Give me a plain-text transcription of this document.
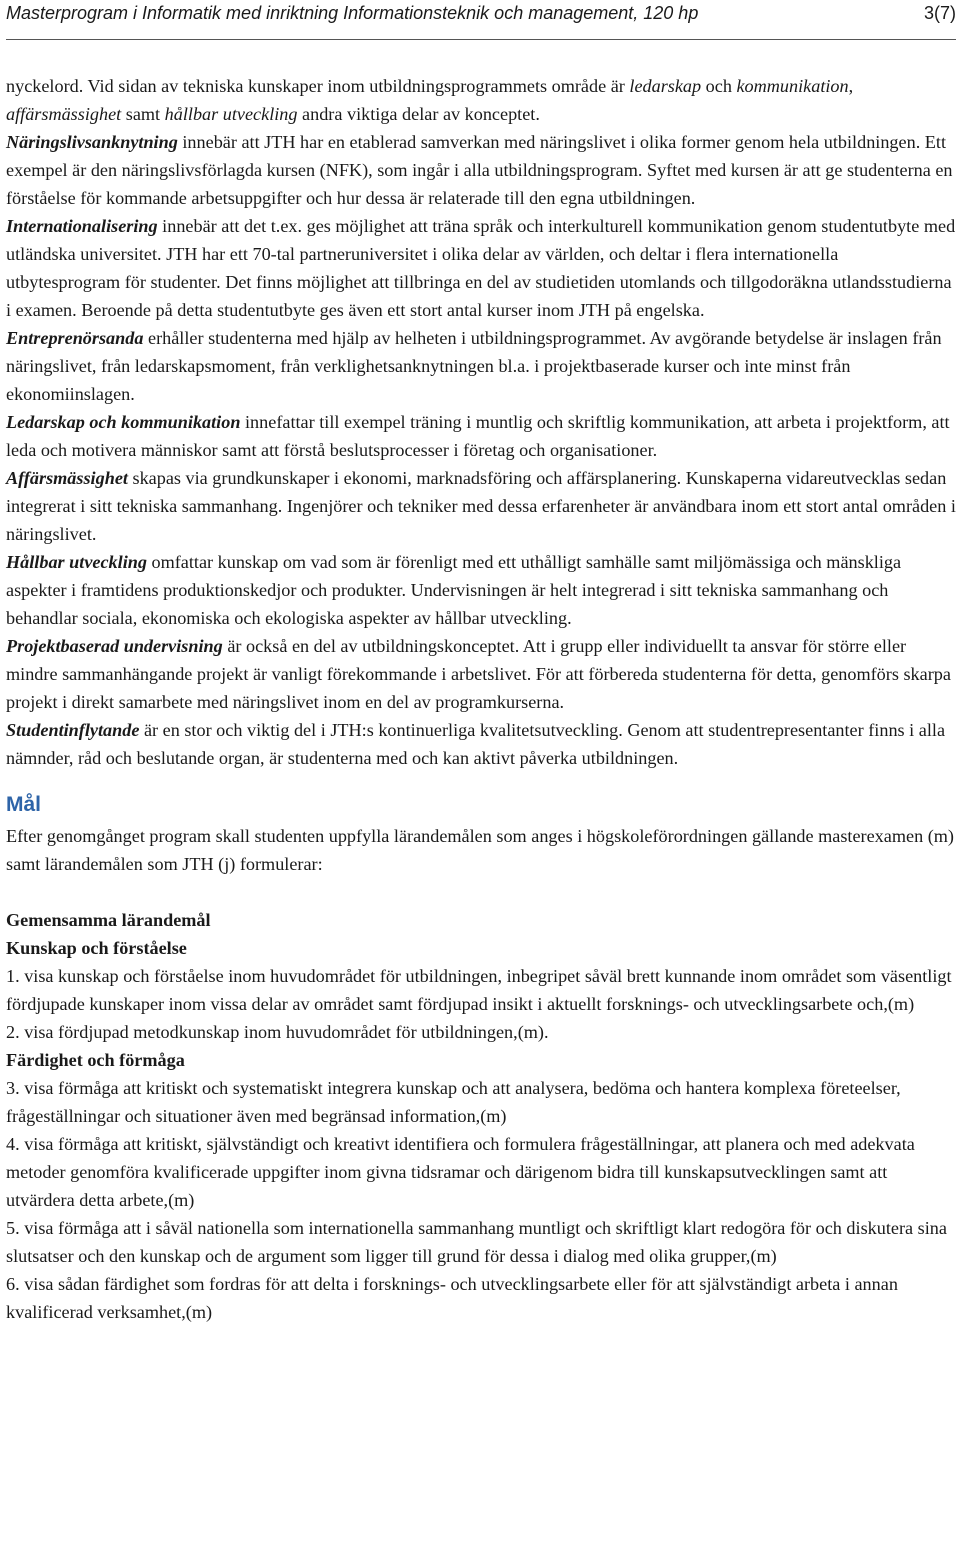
Masterprogram i Informatik med inriktning Informationsteknik och management, 120 hp	3(7)

nyckelord. Vid sidan av tekniska kunskaper inom utbildningsprogrammets område är ledarskap och kommunikation, affärsmässighet samt hållbar utveckling andra viktiga delar av konceptet.

Näringslivsanknytning innebär att JTH har en etablerad samverkan med näringslivet i olika former genom hela utbildningen. Ett exempel är den näringslivsförlagda kursen (NFK), som ingår i alla utbildningsprogram. Syftet med kursen är att ge studenterna en förståelse för kommande arbetsuppgifter och hur dessa är relaterade till den egna utbildningen.

Internationalisering innebär att det t.ex. ges möjlighet att träna språk och interkulturell kommunikation genom studentutbyte med utländska universitet. JTH har ett 70-tal partneruniversitet i olika delar av världen, och deltar i flera internationella utbytesprogram för studenter. Det finns möjlighet att tillbringa en del av studietiden utomlands och tillgodoräkna utlandsstudierna i examen. Beroende på detta studentutbyte ges även ett stort antal kurser inom JTH på engelska.

Entreprenörsanda erhåller studenterna med hjälp av helheten i utbildningsprogrammet. Av avgörande betydelse är inslagen från näringslivet, från ledarskapsmoment, från verklighetsanknytningen bl.a. i projektbaserade kurser och inte minst från ekonomiinslagen.

Ledarskap och kommunikation innefattar till exempel träning i muntlig och skriftlig kommunikation, att arbeta i projektform, att leda och motivera människor samt att förstå beslutsprocesser i företag och organisationer.

Affärsmässighet skapas via grundkunskaper i ekonomi, marknadsföring och affärsplanering. Kunskaperna vidareutvecklas sedan integrerat i sitt tekniska sammanhang. Ingenjörer och tekniker med dessa erfarenheter är användbara inom ett stort antal områden i näringslivet.

Hållbar utveckling omfattar kunskap om vad som är förenligt med ett uthålligt samhälle samt miljömässiga och mänskliga aspekter i framtidens produktionskedjor och produkter. Undervisningen är helt integrerad i sitt tekniska sammanhang och behandlar sociala, ekonomiska och ekologiska aspekter av hållbar utveckling.

Projektbaserad undervisning är också en del av utbildningskonceptet. Att i grupp eller individuellt ta ansvar för större eller mindre sammanhängande projekt är vanligt förekommande i arbetslivet. För att förbereda studenterna för detta, genomförs skarpa projekt i direkt samarbete med näringslivet inom en del av programkurserna.

Studentinflytande är en stor och viktig del i JTH:s kontinuerliga kvalitetsutveckling. Genom att studentrepresentanter finns i alla nämnder, råd och beslutande organ, är studenterna med och kan aktivt påverka utbildningen.

Mål

Efter genomgånget program skall studenten uppfylla lärandemålen som anges i högskoleförordningen gällande masterexamen (m) samt lärandemålen som JTH (j) formulerar:

Gemensamma lärandemål

Kunskap och förståelse

1. visa kunskap och förståelse inom huvudområdet för utbildningen, inbegripet såväl brett kunnande inom området som väsentligt fördjupade kunskaper inom vissa delar av området samt fördjupad insikt i aktuellt forsknings- och utvecklingsarbete och,(m)

2. visa fördjupad metodkunskap inom huvudområdet för utbildningen,(m).

Färdighet och förmåga

3. visa förmåga att kritiskt och systematiskt integrera kunskap och att analysera, bedöma och hantera komplexa företeelser, frågeställningar och situationer även med begränsad information,(m)

4. visa förmåga att kritiskt, självständigt och kreativt identifiera och formulera frågeställningar, att planera och med adekvata metoder genomföra kvalificerade uppgifter inom givna tidsramar och därigenom bidra till kunskapsutvecklingen samt att utvärdera detta arbete,(m)

5. visa förmåga att i såväl nationella som internationella sammanhang muntligt och skriftligt klart redogöra för och diskutera sina slutsatser och den kunskap och de argument som ligger till grund för dessa i dialog med olika grupper,(m)

6. visa sådan färdighet som fordras för att delta i forsknings- och utvecklingsarbete eller för att självständigt arbeta i annan kvalificerad verksamhet,(m)
